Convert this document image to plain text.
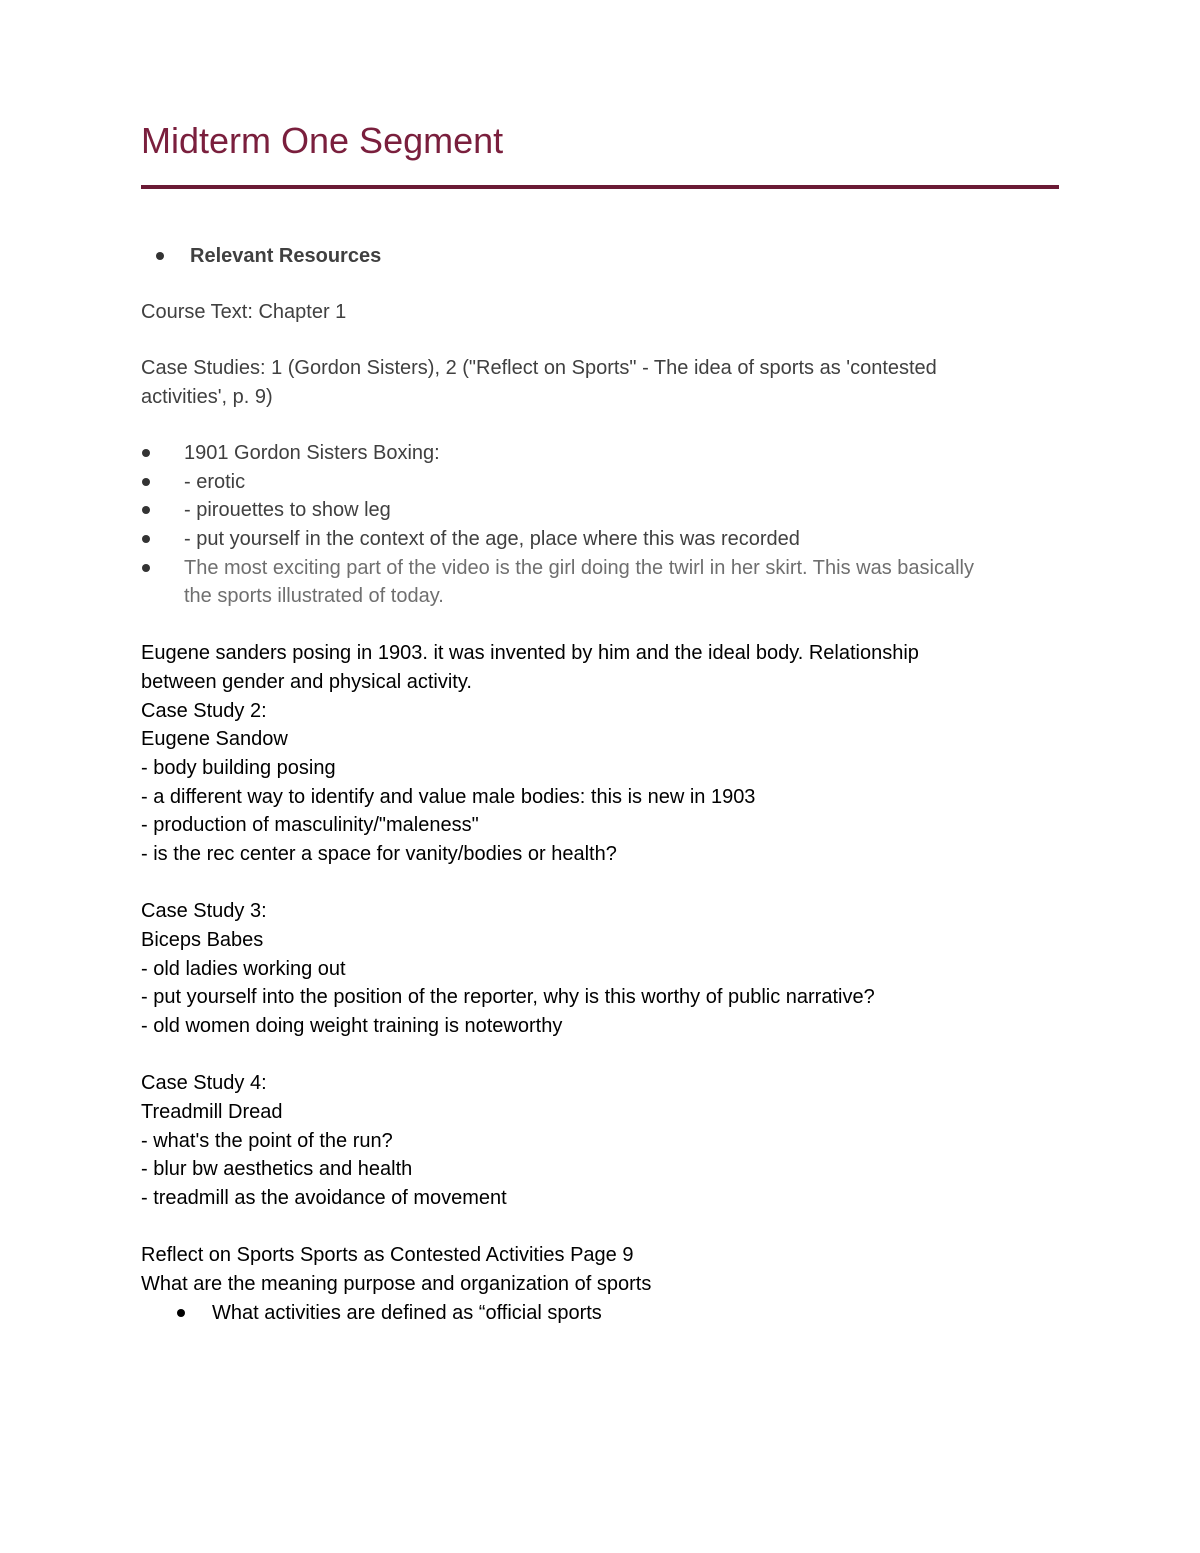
Midterm One Segment
Relevant Resources
Course Text: Chapter 1
Case Studies: 1 (Gordon Sisters), 2 ("Reflect on Sports" - The idea of sports as 'contested
activities', p. 9)
1901 Gordon Sisters Boxing:
- erotic
- pirouettes to show leg
- put yourself in the context of the age, place where this was recorded
The most exciting part of the video is the girl doing the twirl in her skirt. This was basically
the sports illustrated of today.
Eugene sanders posing in 1903. it was invented by him and the ideal body. Relationship
between gender and physical activity.
Case Study 2:
Eugene Sandow
- body building posing
- a different way to identify and value male bodies: this is new in 1903
- production of masculinity/"maleness"
- is the rec center a space for vanity/bodies or health?
Case Study 3:
Biceps Babes
- old ladies working out
- put yourself into the position of the reporter, why is this worthy of public narrative?
- old women doing weight training is noteworthy
Case Study 4:
Treadmill Dread
- what's the point of the run?
- blur bw aesthetics and health
- treadmill as the avoidance of movement
Reflect on Sports Sports as Contested Activities Page 9
What are the meaning purpose and organization of sports
What activities are defined as “official sports
